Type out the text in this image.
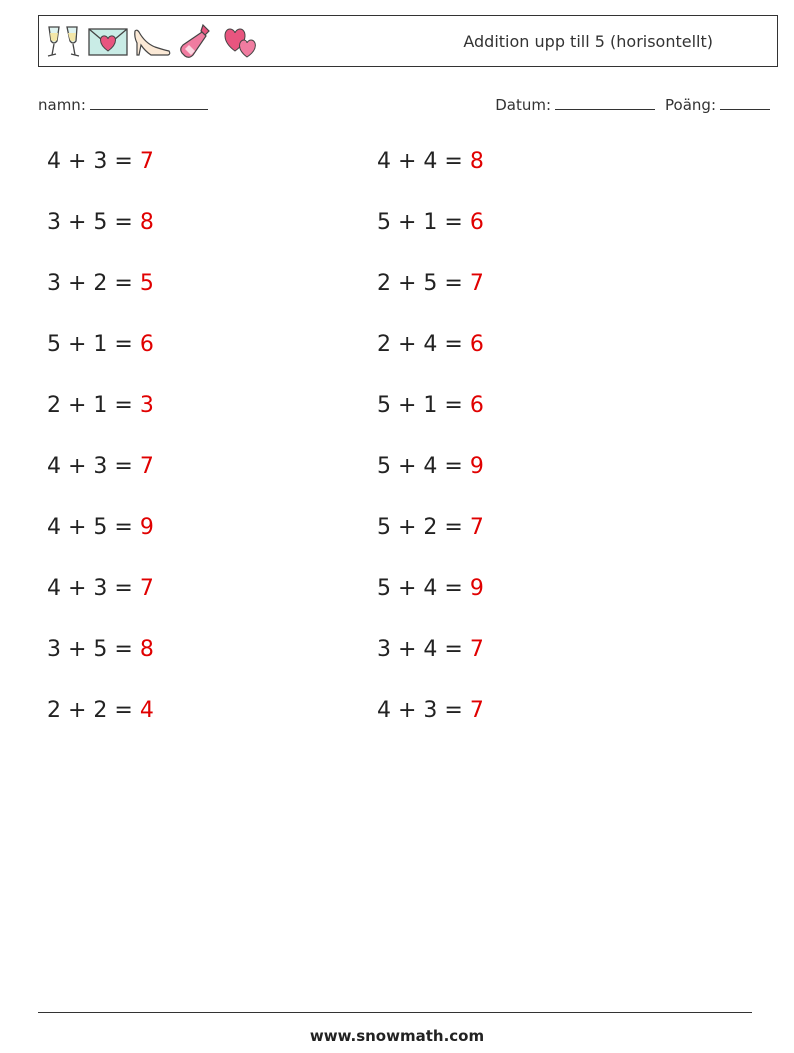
Addition upp till 5 (horisontellt)
namn:	Datum:	Poäng:
4 + 3 = 7
3 + 5 = 8
3 + 2 = 5
5 + 1 = 6
2 + 1 = 3
4 + 3 = 7
4 + 5 = 9
4 + 3 = 7
3 + 5 = 8
2 + 2 = 4
4 + 4 = 8
5 + 1 = 6
2 + 5 = 7
2 + 4 = 6
5 + 1 = 6
5 + 4 = 9
5 + 2 = 7
5 + 4 = 9
3 + 4 = 7
4 + 3 = 7
www.snowmath.com
